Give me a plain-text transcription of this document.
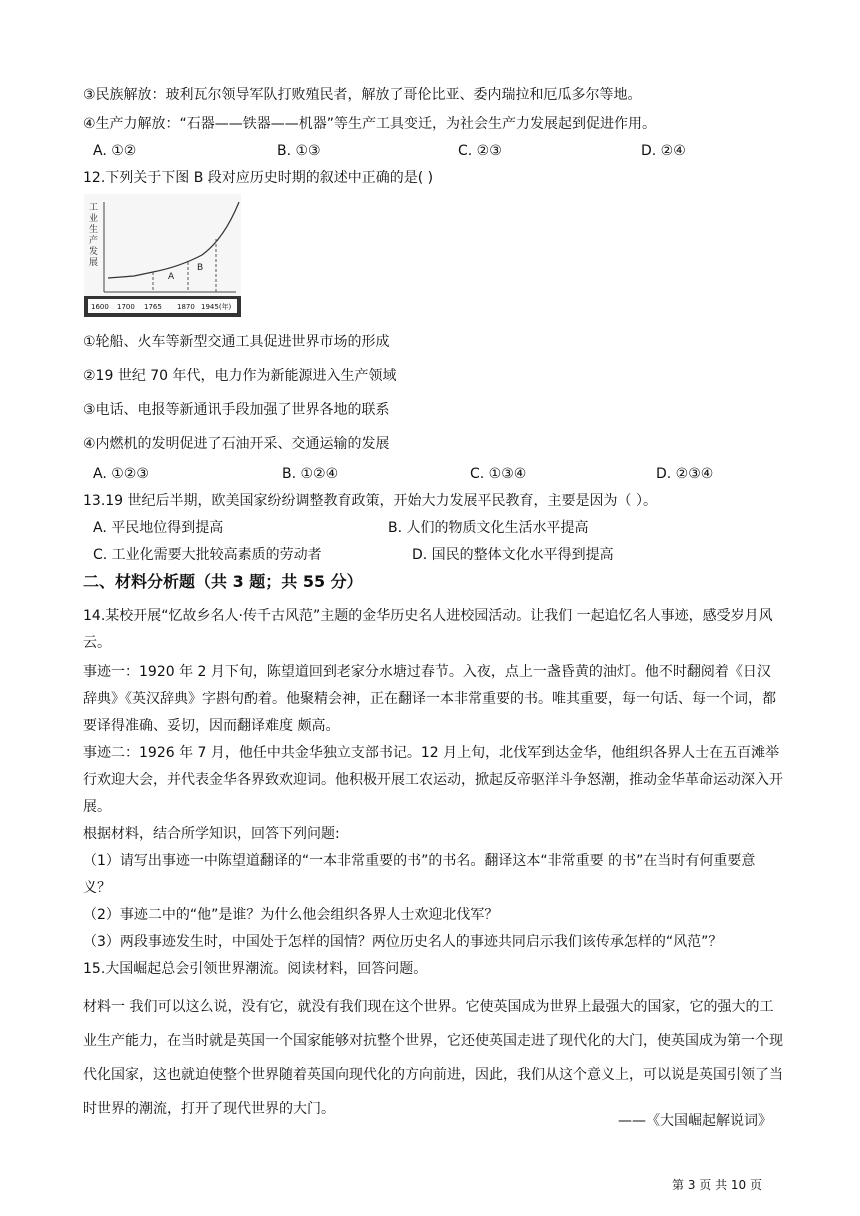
③民族解放：玻利瓦尔领导军队打败殖民者，解放了哥伦比亚、委内瑞拉和厄瓜多尔等地。
④生产力解放：“石器——铁器——机器”等生产工具变迁，为社会生产力发展起到促进作用。
A. ①②	B. ①③	C. ②③	D. ②④
12.下列关于下图 B 段对应历史时期的叙述中正确的是( )
工
业
生
产
发
展
A
B
1600 1700 1765 1870 1945(年)
①轮船、火车等新型交通工具促进世界市场的形成
②19 世纪 70 年代，电力作为新能源进入生产领域
③电话、电报等新通讯手段加强了世界各地的联系
④内燃机的发明促进了石油开采、交通运输的发展
A. ①②③	B. ①②④	C. ①③④	D. ②③④
13.19 世纪后半期，欧美国家纷纷调整教育政策，开始大力发展平民教育，主要是因为（ ）。
A. 平民地位得到提高	B. 人们的物质文化生活水平提高
C. 工业化需要大批较高素质的劳动者	D. 国民的整体文化水平得到提高
二、材料分析题（共 3 题；共 55 分）
14.某校开展“忆故乡名人·传千古风范”主题的金华历史名人进校园活动。让我们 一起追忆名人事迹，感受岁月风云。
事迹一：1920 年 2 月下旬，陈望道回到老家分水塘过春节。入夜，点上一盏昏黄的油灯。他不时翻阅着《日汉辞典》《英汉辞典》字斟句酌着。他聚精会神，正在翻译一本非常重要的书。唯其重要，每一句话、每一个词，都要译得准确、妥切，因而翻译难度 颇高。
事迹二：1926 年 7 月，他任中共金华独立支部书记。12 月上旬，北伐军到达金华，他组织各界人士在五百滩举行欢迎大会，并代表金华各界致欢迎词。他积极开展工农运动，掀起反帝驱洋斗争怒潮，推动金华革命运动深入开展。
根据材料，结合所学知识，回答下列问题:
（1）请写出事迹一中陈望道翻译的“一本非常重要的书”的书名。翻译这本“非常重要 的书”在当时有何重要意义？
（2）事迹二中的“他”是谁？为什么他会组织各界人士欢迎北伐军？
（3）两段事迹发生时，中国处于怎样的国情？两位历史名人的事迹共同启示我们该传承怎样的“风范”？
15.大国崛起总会引领世界潮流。阅读材料，回答问题。
材料一 我们可以这么说，没有它，就没有我们现在这个世界。它使英国成为世界上最强大的国家，它的强大的工业生产能力，在当时就是英国一个国家能够对抗整个世界，它还使英国走进了现代化的大门，使英国成为第一个现代化国家，这也就迫使整个世界随着英国向现代化的方向前进，因此，我们从这个意义上，可以说是英国引领了当时世界的潮流，打开了现代世界的大门。
——《大国崛起解说词》
第 3 页 共 10 页
